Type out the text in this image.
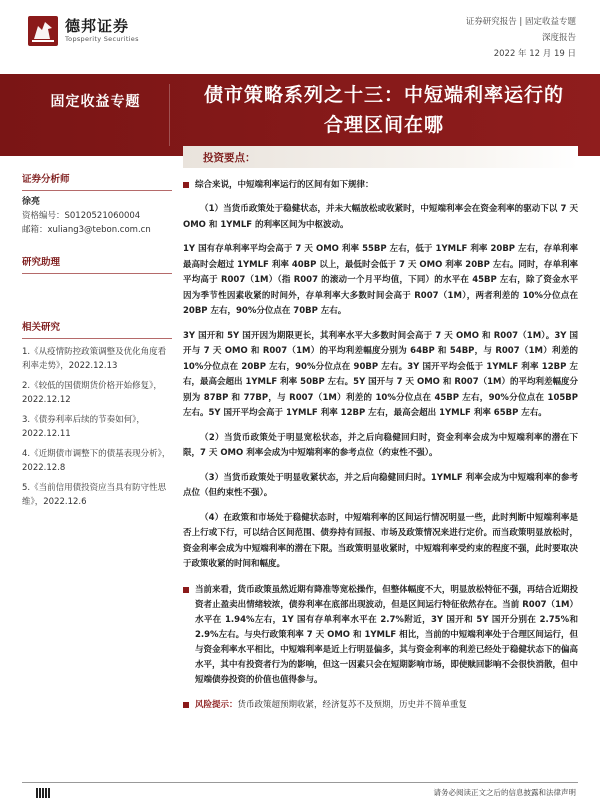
德邦证券
Topsperity Securities
证券研究报告 | 固定收益专题
深度报告
2022 年 12 月 19 日
固定收益专题	债市策略系列之十三：中短端利率运行的
合理区间在哪
证券分析师
徐亮
资格编号：S0120521060004
邮箱：xuliang3@tebon.com.cn
研究助理
相关研究
1.《从疫情防控政策调整及优化角度看利率走势》，2022.12.13
2.《较低的国债期货价格开始修复》，2022.12.12
3.《债券利率后续的节奏如何》，2022.12.11
4.《近期债市调整下的债基表现分析》，2022.12.8
5.《当前信用债投资应当具有防守性思维》，2022.12.6
投资要点：
综合来说，中短端利率运行的区间有如下规律：
（1）当货币政策处于稳健状态，并未大幅放松或收紧时，中短端利率会在资金利率的驱动下以 7 天 OMO 和 1YMLF 的利率区间为中枢波动。
1Y 国有存单利率平均会高于 7 天 OMO 利率 55BP 左右，低于 1YMLF 利率 20BP 左右，存单利率最高时会超过 1YMLF 利率 40BP 以上，最低时会低于 7 天 OMO 利率 20BP 左右。同时，存单利率平均高于 R007（1M）（指 R007 的滚动一个月平均值，下同）的水平在 45BP 左右，除了资金水平因为季节性因素收紧的时间外，存单利率大多数时间会高于 R007（1M），两者利差的 10%分位点在 20BP 左右，90%分位点在 70BP 左右。
3Y 国开和 5Y 国开因为期限更长，其利率水平大多数时间会高于 7 天 OMO 和 R007（1M）。3Y 国开与 7 天 OMO 和 R007（1M）的平均利差幅度分别为 64BP 和 54BP，与 R007（1M）利差的 10%分位点在 20BP 左右，90%分位点在 90BP 左右。3Y 国开平均会低于 1YMLF 利率 12BP 左右，最高会超出 1YMLF 利率 50BP 左右。5Y 国开与 7 天 OMO 和 R007（1M）的平均利差幅度分别为 87BP 和 77BP，与 R007（1M）利差的 10%分位点在 45BP 左右，90%分位点在 105BP 左右。5Y 国开平均会高于 1YMLF 利率 12BP 左右，最高会超出 1YMLF 利率 65BP 左右。
（2）当货币政策处于明显宽松状态，并之后向稳健回归时，资金利率会成为中短端利率的潜在下限，7 天 OMO 利率会成为中短端利率的参考点位（约束性不强）。
（3）当货币政策处于明显收紧状态，并之后向稳健回归时。1YMLF 利率会成为中短端利率的参考点位（但约束性不强）。
（4）在政策和市场处于稳健状态时，中短端利率的区间运行情况明显一些，此时判断中短端利率是否上行或下行，可以结合区间范围、债券持有回报、市场及政策情况来进行定价。而当政策明显放松时，资金利率会成为中短端利率的潜在下限。当政策明显收紧时，中短端利率受约束的程度不强，此时要取决于政策收紧的时间和幅度。
当前来看，货币政策虽然近期有降准等宽松操作，但整体幅度不大，明显放松特征不强，再结合近期投资者止盈卖出情绪较浓，债券利率在底部出现波动，但是区间运行特征依然存在。当前 R007（1M）水平在 1.94%左右，1Y 国有存单利率水平在 2.7%附近，3Y 国开和 5Y 国开分别在 2.75%和 2.9%左右。与央行政策利率 7 天 OMO 和 1YMLF 相比，当前的中短端利率处于合理区间运行，但与资金利率水平相比，中短端利率是近上行明显偏多，其与资金利率的利差已经处于稳健状态下的偏高水平，其中有投资者行为的影响，但这一因素只会在短期影响市场，即使赎回影响不会很快消散，但中短端债券投资的价值也值得参与。
风险提示：货币政策超预期收紧，经济复苏不及预期，历史并不简单重复
请务必阅读正文之后的信息披露和法律声明
